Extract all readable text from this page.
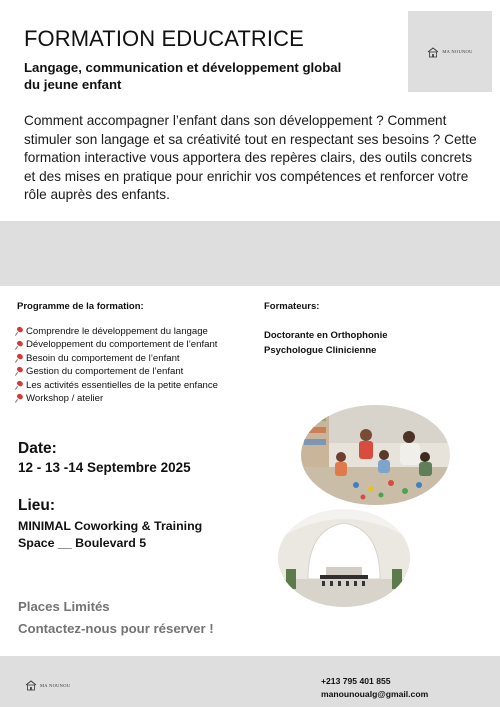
MA NOUNOU
FORMATION EDUCATRICE
Langage, communication et développement global du jeune enfant

Comment accompagner l’enfant dans son développement ? Comment stimuler son langage et sa créativité tout en respectant ses besoins ? Cette formation interactive vous apportera des repères clairs, des outils concrets et des mises en pratique pour enrichir vos compétences et renforcer votre rôle auprès des enfants.

Programme de la formation:
Comprendre le développement du langage
Développement du comportement de l’enfant
Besoin du comportement de l’enfant
Gestion du comportement de l’enfant
Les activités essentielles de la petite enfance
Workshop / atelier
Formateurs:
Doctorante en Orthophonie
Psychologue Clinicienne
Date:
12 - 13 -14 Septembre 2025
Lieu:
MINIMAL Coworking & Training Space __ Boulevard 5
Places Limités
Contactez-nous pour réserver !
MA NOUNOU	+213 795 401 855
manounoualg@gmail.com
